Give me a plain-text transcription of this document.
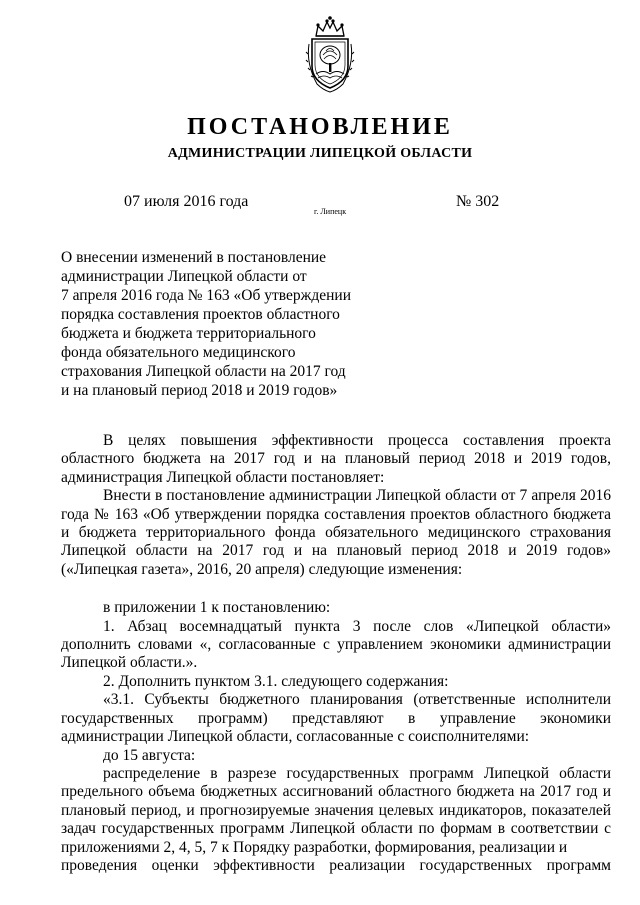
ПОСТАНОВЛЕНИЕ
АДМИНИСТРАЦИИ ЛИПЕЦКОЙ ОБЛАСТИ
07 июля 2016 года
г. Липецк
№ 302
О внесении изменений в постановление
администрации Липецкой области от
7 апреля 2016 года № 163 «Об утверждении
порядка составления проектов областного
бюджета и бюджета территориального
фонда обязательного медицинского
страхования Липецкой области на 2017 год
и на плановый период 2018 и 2019 годов»

В целях повышения эффективности процесса составления проекта областного бюджета на 2017 год и на плановый период 2018 и 2019 годов, администрация Липецкой области постановляет:

Внести в постановление администрации Липецкой области от 7 апреля 2016 года № 163 «Об утверждении порядка составления проектов областного бюджета и бюджета территориального фонда обязательного медицинского страхования Липецкой области на 2017 год и на плановый период 2018 и 2019 годов» («Липецкая газета», 2016, 20 апреля) следующие изменения:

в приложении 1 к постановлению:

1. Абзац восемнадцатый пункта 3 после слов «Липецкой области» дополнить словами «, согласованные с управлением экономики администрации Липецкой области.».

2. Дополнить пунктом 3.1. следующего содержания:

«3.1. Субъекты бюджетного планирования (ответственные исполнители государственных программ) представляют в управление экономики администрации Липецкой области, согласованные с соисполнителями:

до 15 августа:

распределение в разрезе государственных программ Липецкой области предельного объема бюджетных ассигнований областного бюджета на 2017 год и плановый период, и прогнозируемые значения целевых индикаторов, показателей задач государственных программ Липецкой области по формам в соответствии с приложениями 2, 4, 5, 7 к Порядку разработки, формирования, реализации и

проведения оценки эффективности реализации государственных программ
